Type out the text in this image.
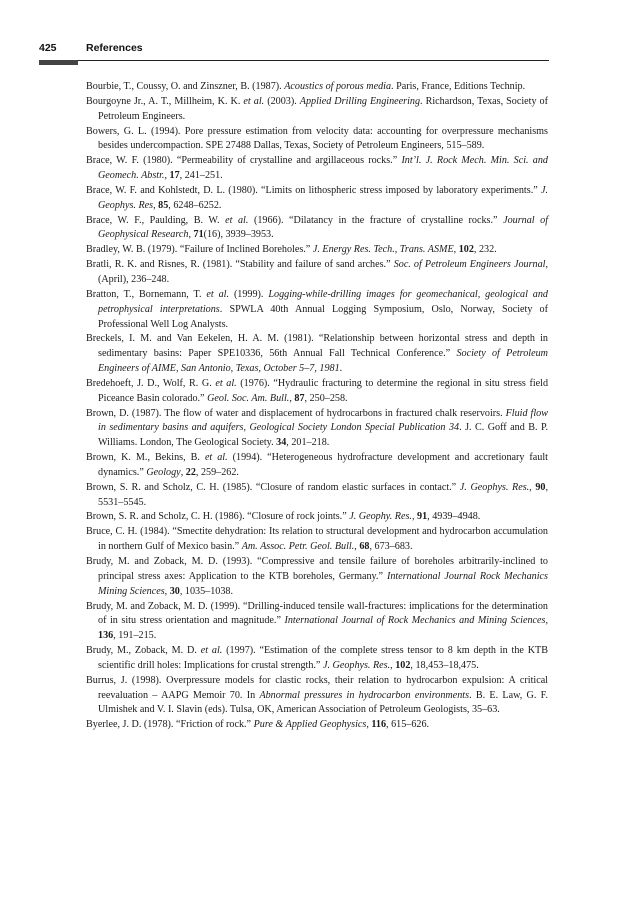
425	References

Bourbie, T., Coussy, O. and Zinszner, B. (1987). Acoustics of porous media. Paris, France, Editions Technip.

Bourgoyne Jr., A. T., Millheim, K. K. et al. (2003). Applied Drilling Engineering. Richardson, Texas, Society of Petroleum Engineers.

Bowers, G. L. (1994). Pore pressure estimation from velocity data: accounting for overpressure mechanisms besides undercompaction. SPE 27488 Dallas, Texas, Society of Petroleum Engineers, 515–589.

Brace, W. F. (1980). “Permeability of crystalline and argillaceous rocks.” Int’l. J. Rock Mech. Min. Sci. and Geomech. Abstr., 17, 241–251.

Brace, W. F. and Kohlstedt, D. L. (1980). “Limits on lithospheric stress imposed by laboratory experiments.” J. Geophys. Res, 85, 6248–6252.

Brace, W. F., Paulding, B. W. et al. (1966). “Dilatancy in the fracture of crystalline rocks.” Journal of Geophysical Research, 71(16), 3939–3953.

Bradley, W. B. (1979). “Failure of Inclined Boreholes.” J. Energy Res. Tech., Trans. ASME, 102, 232.

Bratli, R. K. and Risnes, R. (1981). “Stability and failure of sand arches.” Soc. of Petroleum Engineers Journal, (April), 236–248.

Bratton, T., Bornemann, T. et al. (1999). Logging-while-drilling images for geomechanical, geological and petrophysical interpretations. SPWLA 40th Annual Logging Symposium, Oslo, Norway, Society of Professional Well Log Analysts.

Breckels, I. M. and Van Eekelen, H. A. M. (1981). “Relationship between horizontal stress and depth in sedimentary basins: Paper SPE10336, 56th Annual Fall Technical Conference.” Society of Petroleum Engineers of AIME, San Antonio, Texas, October 5–7, 1981.

Bredehoeft, J. D., Wolf, R. G. et al. (1976). “Hydraulic fracturing to determine the regional in situ stress field Piceance Basin colorado.” Geol. Soc. Am. Bull., 87, 250–258.

Brown, D. (1987). The flow of water and displacement of hydrocarbons in fractured chalk reservoirs. Fluid flow in sedimentary basins and aquifers, Geological Society London Special Publication 34. J. C. Goff and B. P. Williams. London, The Geological Society. 34, 201–218.

Brown, K. M., Bekins, B. et al. (1994). “Heterogeneous hydrofracture development and accretionary fault dynamics.” Geology, 22, 259–262.

Brown, S. R. and Scholz, C. H. (1985). “Closure of random elastic surfaces in contact.” J. Geophys. Res., 90, 5531–5545.

Brown, S. R. and Scholz, C. H. (1986). “Closure of rock joints.” J. Geophy. Res., 91, 4939–4948.

Bruce, C. H. (1984). “Smectite dehydration: Its relation to structural development and hydrocarbon accumulation in northern Gulf of Mexico basin.” Am. Assoc. Petr. Geol. Bull., 68, 673–683.

Brudy, M. and Zoback, M. D. (1993). “Compressive and tensile failure of boreholes arbitrarily-inclined to principal stress axes: Application to the KTB boreholes, Germany.” International Journal Rock Mechanics Mining Sciences, 30, 1035–1038.

Brudy, M. and Zoback, M. D. (1999). “Drilling-induced tensile wall-fractures: implications for the determination of in situ stress orientation and magnitude.” International Journal of Rock Mechanics and Mining Sciences, 136, 191–215.

Brudy, M., Zoback, M. D. et al. (1997). “Estimation of the complete stress tensor to 8 km depth in the KTB scientific drill holes: Implications for crustal strength.” J. Geophys. Res., 102, 18,453–18,475.

Burrus, J. (1998). Overpressure models for clastic rocks, their relation to hydrocarbon expulsion: A critical reevaluation – AAPG Memoir 70. In Abnormal pressures in hydrocarbon environments. B. E. Law, G. F. Ulmishek and V. I. Slavin (eds). Tulsa, OK, American Association of Petroleum Geologists, 35–63.

Byerlee, J. D. (1978). “Friction of rock.” Pure & Applied Geophysics, 116, 615–626.
